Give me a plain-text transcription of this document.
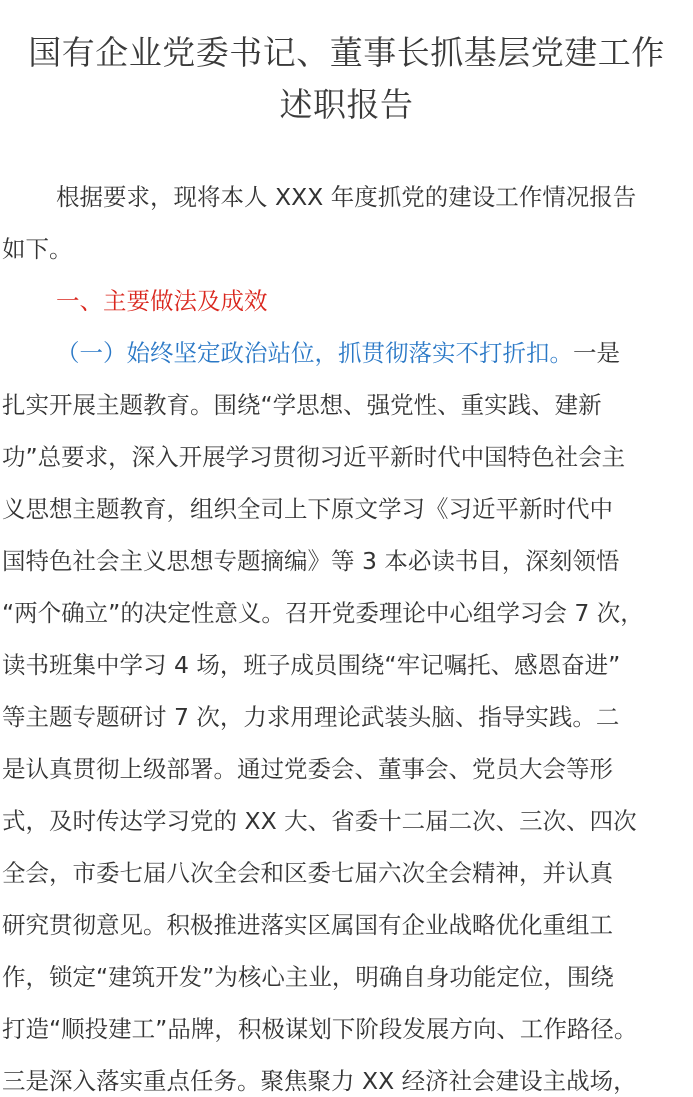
国有企业党委书记、董事长抓基层党建工作
述职报告
根据要求，现将本人 XXX 年度抓党的建设工作情况报告
如下。
一、主要做法及成效
（一）始终坚定政治站位，抓贯彻落实不打折扣。一是
扎实开展主题教育。围绕“学思想、强党性、重实践、建新
功”总要求，深入开展学习贯彻习近平新时代中国特色社会主
义思想主题教育，组织全司上下原文学习《习近平新时代中
国特色社会主义思想专题摘编》等 3 本必读书目，深刻领悟
“两个确立”的决定性意义。召开党委理论中心组学习会 7 次，
读书班集中学习 4 场，班子成员围绕“牢记嘱托、感恩奋进”
等主题专题研讨 7 次，力求用理论武装头脑、指导实践。二
是认真贯彻上级部署。通过党委会、董事会、党员大会等形
式，及时传达学习党的 XX 大、省委十二届二次、三次、四次
全会，市委七届八次全会和区委七届六次全会精神，并认真
研究贯彻意见。积极推进落实区属国有企业战略优化重组工
作，锁定“建筑开发”为核心主业，明确自身功能定位，围绕
打造“顺投建工”品牌，积极谋划下阶段发展方向、工作路径。
三是深入落实重点任务。聚焦聚力 XX 经济社会建设主战场，
